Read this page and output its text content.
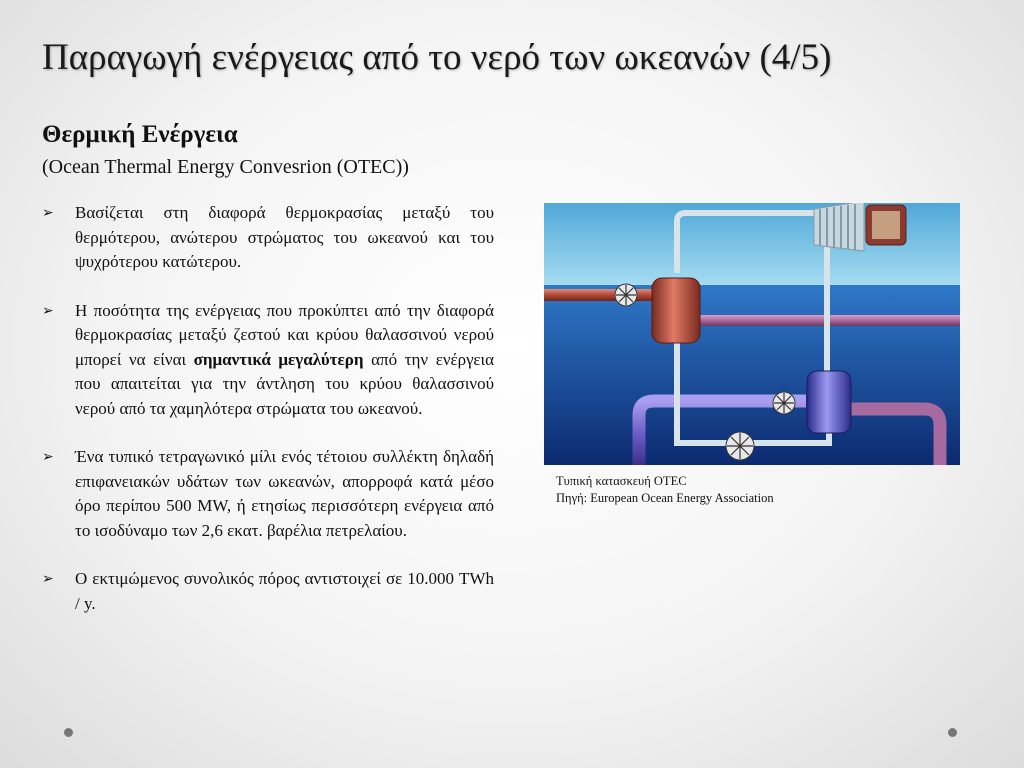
Παραγωγή ενέργειας από το νερό των ωκεανών (4/5)
Θερμική Ενέργεια
(Ocean Thermal Energy Convesrion (OTEC))
➢ Βασίζεται στη διαφορά θερμοκρασίας μεταξύ του θερμότερου, ανώτερου στρώματος του ωκεανού και του ψυχρότερου κατώτερου.
➢ Η ποσότητα της ενέργειας που προκύπτει από την διαφορά θερμοκρασίας μεταξύ ζεστού και κρύου θαλασσινού νερού μπορεί να είναι σημαντικά μεγαλύτερη από την ενέργεια που απαιτείται για την άντληση του κρύου θαλασσινού νερού από τα χαμηλότερα στρώματα του ωκεανού.
➢ Ένα τυπικό τετραγωνικό μίλι ενός τέτοιου συλλέκτη δηλαδή επιφανειακών υδάτων των ωκεανών, απορροφά κατά μέσο όρο περίπου 500 MW, ή ετησίως περισσότερη ενέργεια από το ισοδύναμο των 2,6 εκατ. βαρέλια πετρελαίου.
➢ Ο εκτιμώμενος συνολικός πόρος αντιστοιχεί σε 10.000 TWh / y.
Τυπική κατασκευή OTEC
Πηγή: European Ocean Energy Association
